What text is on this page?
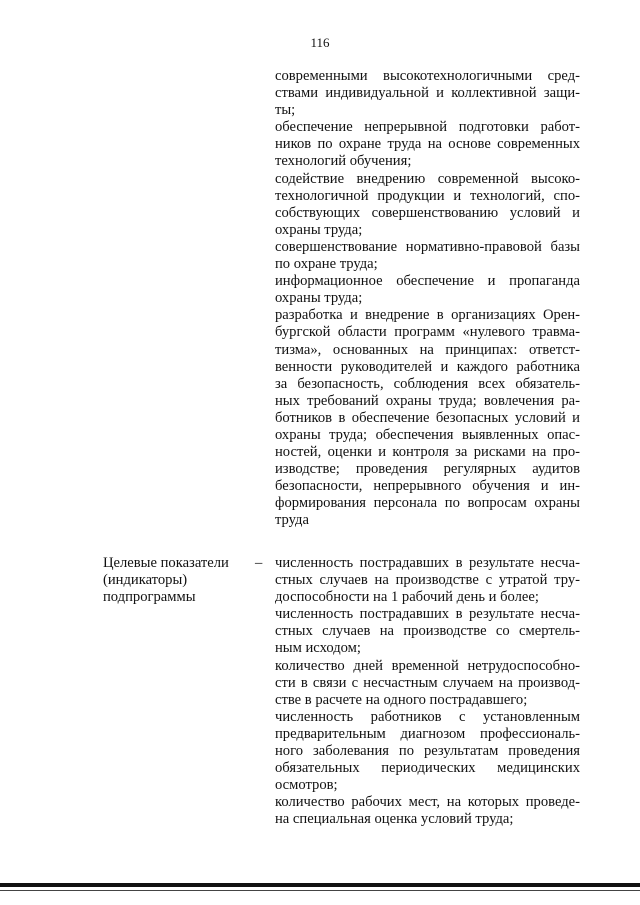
116
современными высокотехнологичными сред-
ствами индивидуальной и коллективной защи-
ты;
обеспечение непрерывной подготовки работ-
ников по охране труда на основе современных
технологий обучения;
содействие внедрению современной высоко-
технологичной продукции и технологий, спо-
собствующих совершенствованию условий и
охраны труда;
совершенствование нормативно-правовой базы
по охране труда;
информационное обеспечение и пропаганда
охраны труда;
разработка и внедрение в организациях Орен-
бургской области программ «нулевого травма-
тизма», основанных на принципах: ответст-
венности руководителей и каждого работника
за безопасность, соблюдения всех обязатель-
ных требований охраны труда; вовлечения ра-
ботников в обеспечение безопасных условий и
охраны труда; обеспечения выявленных опас-
ностей, оценки и контроля за рисками на про-
изводстве; проведения регулярных аудитов
безопасности, непрерывного обучения и ин-
формирования персонала по вопросам охраны
труда
Целевые показатели
(индикаторы)
подпрограммы
– численность пострадавших в результате несча-
стных случаев на производстве с утратой тру-
доспособности на 1 рабочий день и более;
численность пострадавших в результате несча-
стных случаев на производстве со смертель-
ным исходом;
количество дней временной нетрудоспособно-
сти в связи с несчастным случаем на производ-
стве в расчете на одного пострадавшего;
численность работников с установленным
предварительным диагнозом профессиональ-
ного заболевания по результатам проведения
обязательных периодических медицинских
осмотров;
количество рабочих мест, на которых проведе-
на специальная оценка условий труда;
